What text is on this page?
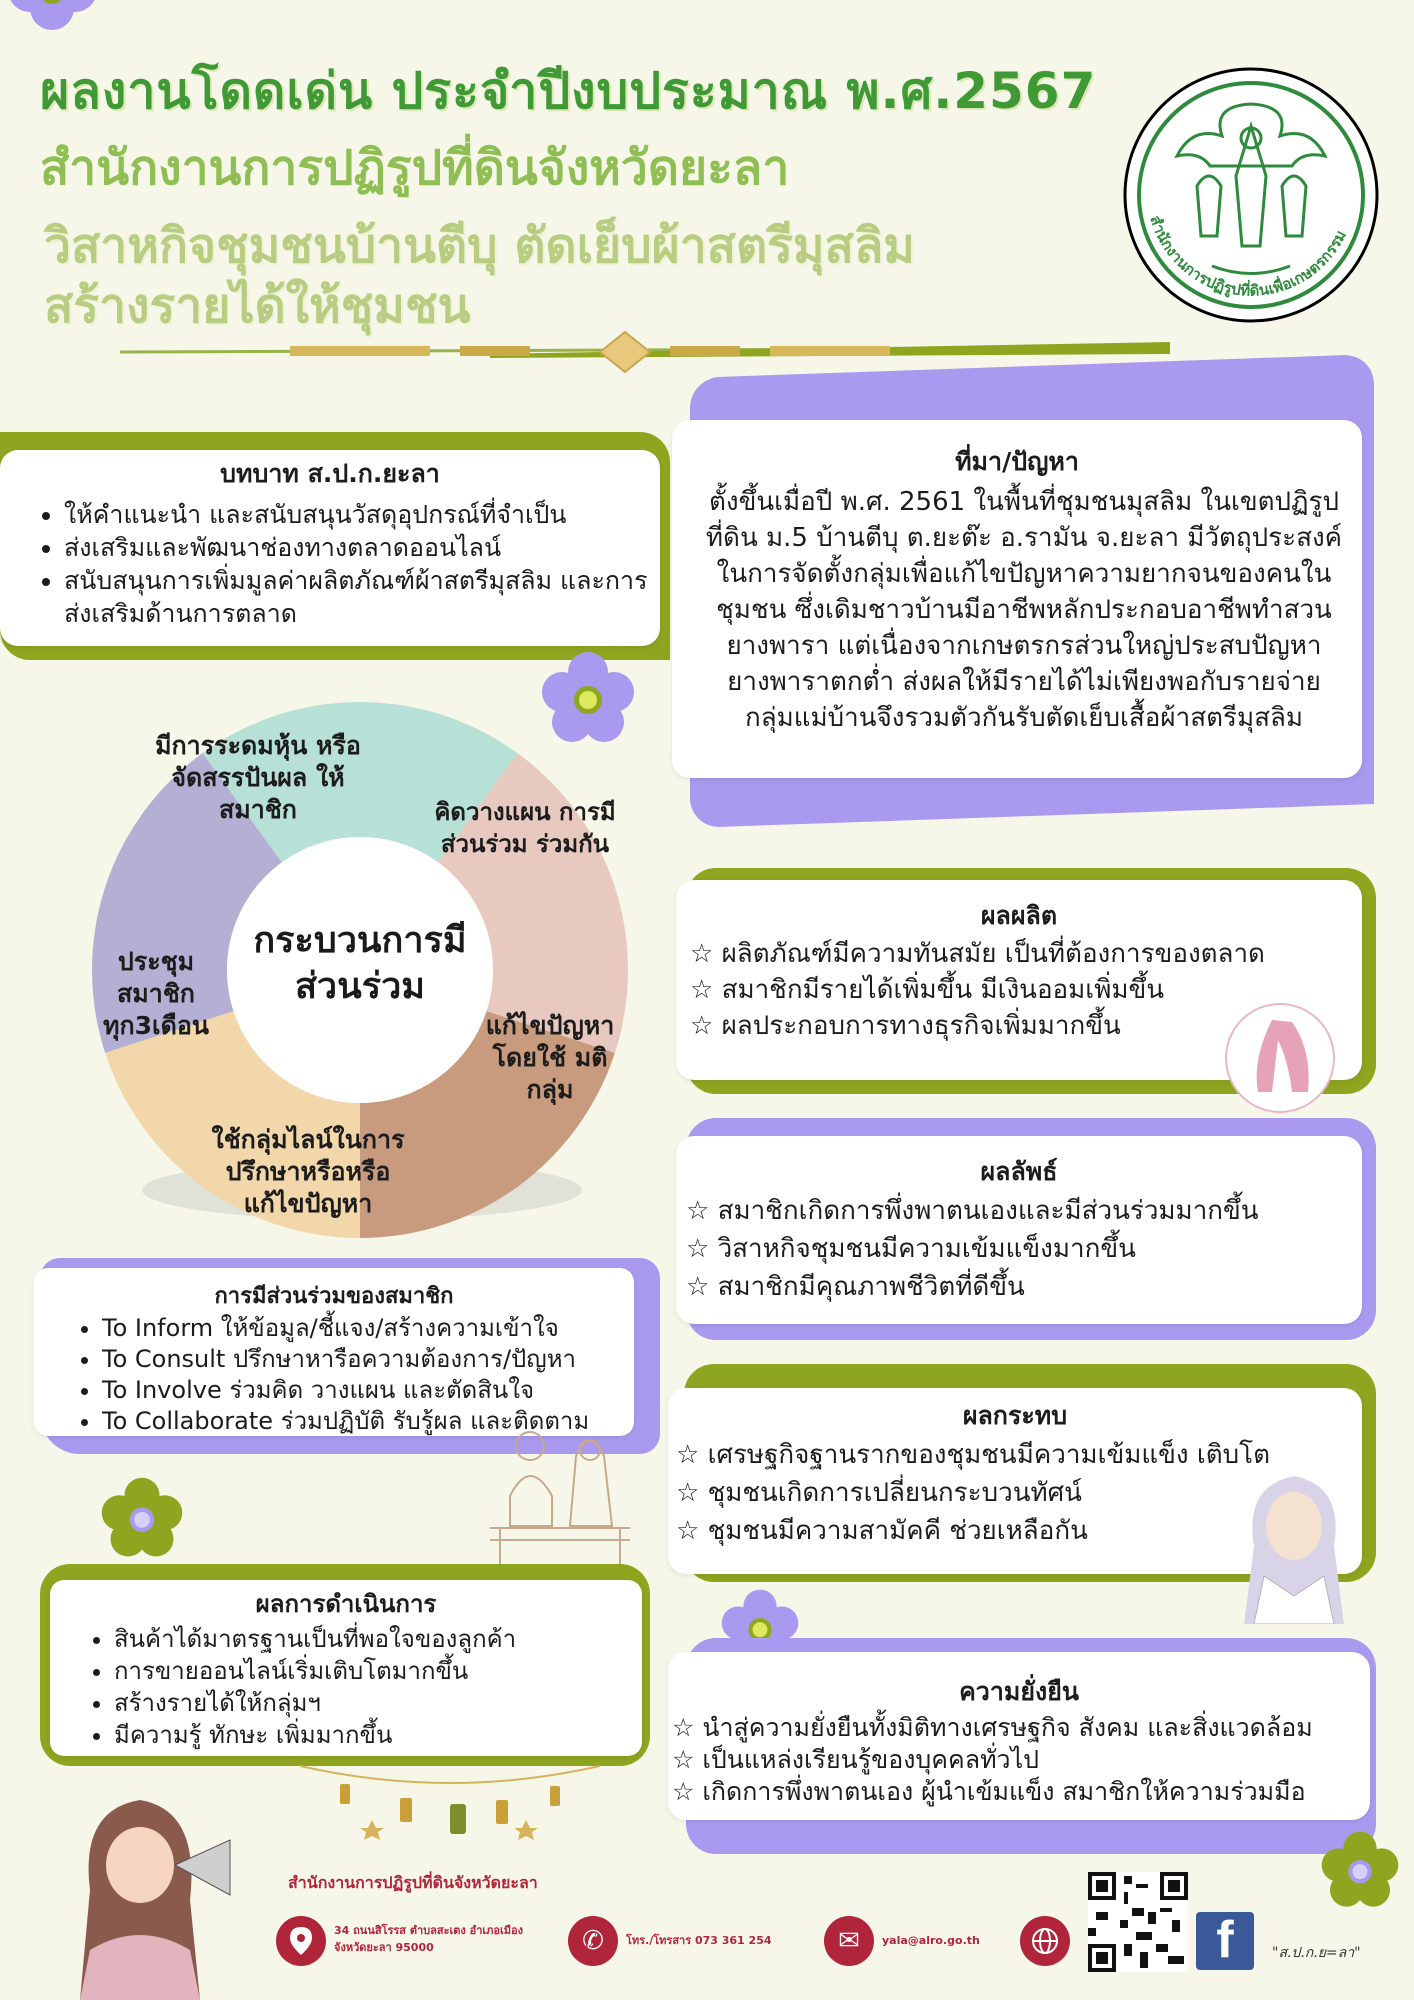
ผลงานโดดเด่น ประจำปีงบประมาณ พ.ศ.2567
สำนักงานการปฏิรูปที่ดินจังหวัดยะลา
วิสาหกิจชุมชนบ้านตีบุ ตัดเย็บผ้าสตรีมุสลิม
สร้างรายได้ให้ชุมชน
สำนักงานการปฏิรูปที่ดินเพื่อเกษตรกรรม
บทบาท ส.ป.ก.ยะลา
• ให้คำแนะนำ และสนับสนุนวัสดุอุปกรณ์ที่จำเป็น
• ส่งเสริมและพัฒนาช่องทางตลาดออนไลน์
• สนับสนุนการเพิ่มมูลค่าผลิตภัณฑ์ผ้าสตรีมุสลิม และการส่งเสริมด้านการตลาด
ที่มา/ปัญหา
ตั้งขึ้นเมื่อปี พ.ศ. 2561 ในพื้นที่ชุมชนมุสลิม ในเขตปฏิรูปที่ดิน ม.5 บ้านตีบุ ต.ยะต๊ะ อ.รามัน จ.ยะลา มีวัตถุประสงค์ในการจัดตั้งกลุ่มเพื่อแก้ไขปัญหาความยากจนของคนในชุมชน ซึ่งเดิมชาวบ้านมีอาชีพหลักประกอบอาชีพทำสวนยางพารา แต่เนื่องจากเกษตรกรส่วนใหญ่ประสบปัญหายางพาราตกต่ำ ส่งผลให้มีรายได้ไม่เพียงพอกับรายจ่าย กลุ่มแม่บ้านจึงรวมตัวกันรับตัดเย็บเสื้อผ้าสตรีมุสลิม
กระบวนการมี
ส่วนร่วม
มีการระดมหุ้น หรือจัดสรรปันผล ให้สมาชิก	คิดวางแผน การมีส่วนร่วม ร่วมกัน
แก้ไขปัญหา โดยใช้ มติกลุ่ม
ใช้กลุ่มไลน์ในการ ปรึกษาหรือหรือ แก้ไขปัญหา
ประชุม สมาชิก ทุก3เดือน
ผลผลิต
☆ ผลิตภัณฑ์มีความทันสมัย เป็นที่ต้องการของตลาด
☆ สมาชิกมีรายได้เพิ่มขึ้น มีเงินออมเพิ่มขึ้น
☆ ผลประกอบการทางธุรกิจเพิ่มมากขึ้น
ผลลัพธ์
☆ สมาชิกเกิดการพึ่งพาตนเองและมีส่วนร่วมมากขึ้น
☆ วิสาหกิจชุมชนมีความเข้มแข็งมากขึ้น
☆ สมาชิกมีคุณภาพชีวิตที่ดีขึ้น
การมีส่วนร่วมของสมาชิก
• To Inform ให้ข้อมูล/ชี้แจง/สร้างความเข้าใจ
• To Consult ปรึกษาหารือความต้องการ/ปัญหา
• To Involve ร่วมคิด วางแผน และตัดสินใจ
• To Collaborate ร่วมปฏิบัติ รับรู้ผล และติดตาม	ผลกระทบ
☆ เศรษฐกิจฐานรากของชุมชนมีความเข้มแข็ง เติบโต
☆ ชุมชนเกิดการเปลี่ยนกระบวนทัศน์
☆ ชุมชนมีความสามัคคี ช่วยเหลือกัน
ผลการดำเนินการ
• สินค้าได้มาตรฐานเป็นที่พอใจของลูกค้า
• การขายออนไลน์เริ่มเติบโตมากขึ้น
• สร้างรายได้ให้กลุ่มฯ
• มีความรู้ ทักษะ เพิ่มมากขึ้น
ความยั่งยืน
☆ นำสู่ความยั่งยืนทั้งมิติทางเศรษฐกิจ สังคม และสิ่งแวดล้อม
☆ เป็นแหล่งเรียนรู้ของบุคคลทั่วไป
☆ เกิดการพึ่งพาตนเอง ผู้นำเข้มแข็ง สมาชิกให้ความร่วมมือ
สำนักงานการปฏิรูปที่ดินจังหวัดยะลา
34 ถนนสิโรรส ตำบลสะเตง อำเภอเมือง
จังหวัดยะลา 95000	✆	โทร./โทรสาร 073 361 254	✉	yala@alro.go.th	f	"ส.ป.ก.ย=ลา"
